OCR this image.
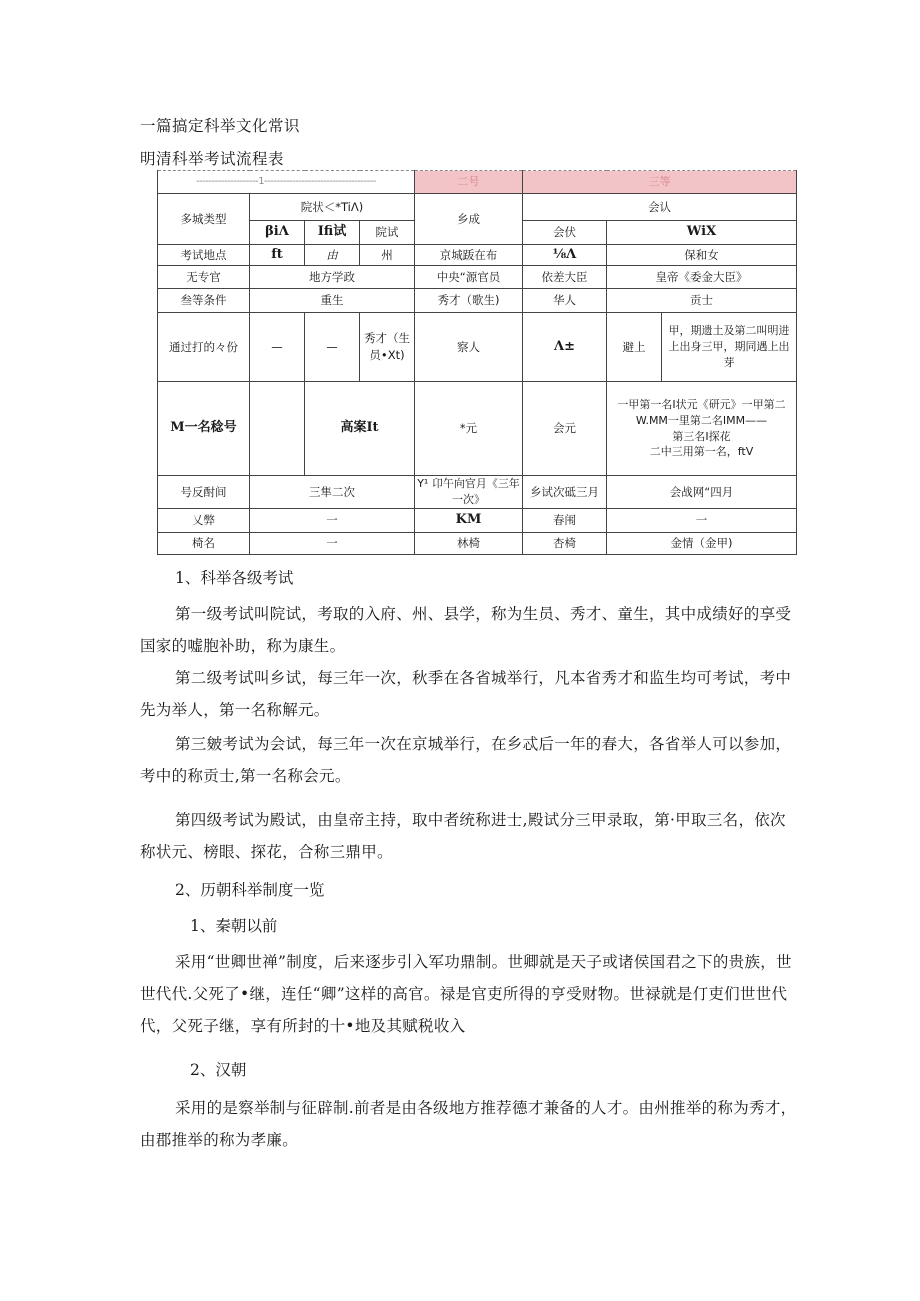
一篇搞定科举文化常识
明清科举考试流程表
--------------------1------------------------------------				二号	三等		
多城类型	院状＜*TiΛ)			乡成	会认		
	βiΛ	Ifi试	院试		会伏	WiX	
考试地点	ft	由	州	京城䟦在布	⅛Λ	保和女	
无专官	地方学政			中央“源官员	依差大臣	皇帝《委金大臣》	
叁等条件	重生			秀才（歌生)	华人	贡士	
通过打的々份	—	—	秀才（生员•Xt)	察人	Λ±	避上	甲，期遗土及第二叫明进上出身三甲，期同遇上出芽
M一名稔号		高案It		*元	会元	一甲第一名I状元《研元》一甲第二W.MM一里第二名IMM——
第三名I探花
二中三用第一名，ftV	

号反酎间	三隼二次			Y¹ 卬午向官月《三年一次》	乡试次砥三月	会战网“四月	
乂弊	一			KM	春闱	一	
椅名	一			林椅	杏椅	金情（金甲)	
1、科举各级考试

第一级考试叫院试，考取的入府、州、县学，称为生员、秀才、童生，其中成绩好的享受国家的嘘胞补助，称为康生。

第二级考试叫乡试，每三年一次，秋季在各省城举行，凡本省秀才和监生均可考试，考中先为举人，第一名称解元。

第三皴考试为会试，每三年一次在京城举行，在乡忒后一年的春大，各省举人可以参加，考中的称贡士,第一名称会元。

第四级考试为殿试，由皇帝主持，取中者统称进士,殿试分三甲录取，第·甲取三名，依次称状元、榜眼、探花，合称三鼎甲。

2、历朝科举制度一览
1、秦朝以前

采用“世卿世禅”制度，后来逐步引入军功鼎制。世卿就是天子或诸侯国君之下的贵族，世世代代.父死了•继，连任“卿”这样的高官。禄是官吏所得的亨受财物。世禄就是仃吏们世世代代，父死子继，享有所封的十•地及其赋税收入

2、汉朝

采用的是察举制与征辟制.前者是由各级地方推荐德才兼备的人才。由州推举的称为秀才，由郡推举的称为孝廉。
